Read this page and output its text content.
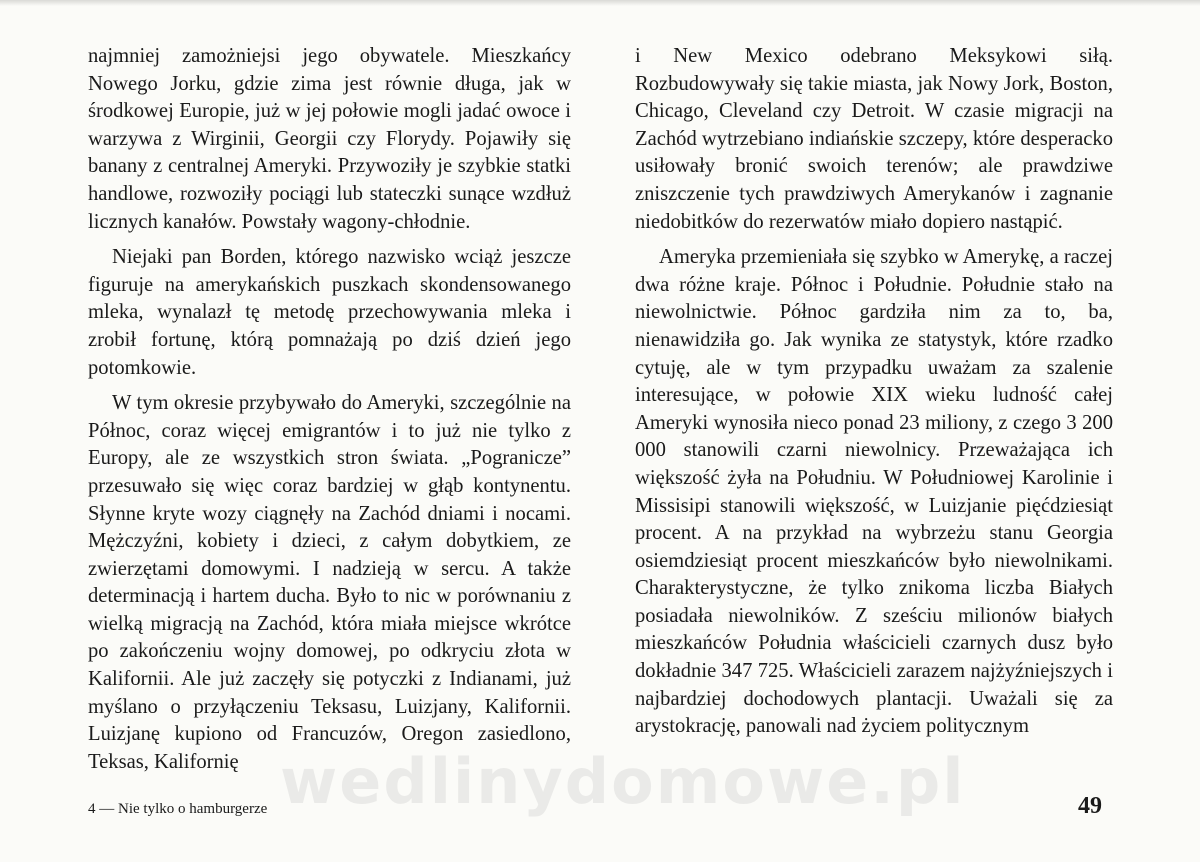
najmniej zamożniejsi jego obywatele. Mieszkańcy Nowego Jorku, gdzie zima jest równie długa, jak w środkowej Europie, już w jej połowie mogli jadać owoce i warzywa z Wirginii, Georgii czy Florydy. Pojawiły się banany z centralnej Ameryki. Przywoziły je szybkie statki handlowe, rozwoziły pociągi lub stateczki sunące wzdłuż licznych kanałów. Powstały wagony-chłodnie.

Niejaki pan Borden, którego nazwisko wciąż jeszcze figuruje na amerykańskich puszkach skondensowanego mleka, wynalazł tę metodę przechowywania mleka i zrobił fortunę, którą pomnażają po dziś dzień jego potomkowie.

W tym okresie przybywało do Ameryki, szczególnie na Północ, coraz więcej emigrantów i to już nie tylko z Europy, ale ze wszystkich stron świata. „Pogranicze” przesuwało się więc coraz bardziej w głąb kontynentu. Słynne kryte wozy ciągnęły na Zachód dniami i nocami. Mężczyźni, kobiety i dzieci, z całym dobytkiem, ze zwierzętami domowymi. I nadzieją w sercu. A także determinacją i hartem ducha. Było to nic w porównaniu z wielką migracją na Zachód, która miała miejsce wkrótce po zakończeniu wojny domowej, po odkryciu złota w Kalifornii. Ale już zaczęły się potyczki z Indianami, już myślano o przyłączeniu Teksasu, Luizjany, Kalifornii. Luizjanę kupiono od Francuzów, Oregon zasiedlono, Teksas, Kalifornię

i New Mexico odebrano Meksykowi siłą. Rozbudowywały się takie miasta, jak Nowy Jork, Boston, Chicago, Cleveland czy Detroit. W czasie migracji na Zachód wytrzebiano indiańskie szczepy, które desperacko usiłowały bronić swoich terenów; ale prawdziwe zniszczenie tych prawdziwych Amerykanów i zagnanie niedobitków do rezerwatów miało dopiero nastąpić.

Ameryka przemieniała się szybko w Amerykę, a raczej dwa różne kraje. Północ i Południe. Południe stało na niewolnictwie. Północ gardziła nim za to, ba, nienawidziła go. Jak wynika ze statystyk, które rzadko cytuję, ale w tym przypadku uważam za szalenie interesujące, w połowie XIX wieku ludność całej Ameryki wynosiła nieco ponad 23 miliony, z czego 3 200 000 stanowili czarni niewolnicy. Przeważająca ich większość żyła na Południu. W Południowej Karolinie i Missisipi stanowili większość, w Luizjanie pięćdziesiąt procent. A na przykład na wybrzeżu stanu Georgia osiemdziesiąt procent mieszkańców było niewolnikami. Charakterystyczne, że tylko znikoma liczba Białych posiadała niewolników. Z sześciu milionów białych mieszkańców Południa właścicieli czarnych dusz było dokładnie 347 725. Właścicieli zarazem najżyźniejszych i najbardziej dochodowych plantacji. Uważali się za arystokrację, panowali nad życiem politycznym

wedlinydomowe.pl
4 — Nie tylko o hamburgerze	49
